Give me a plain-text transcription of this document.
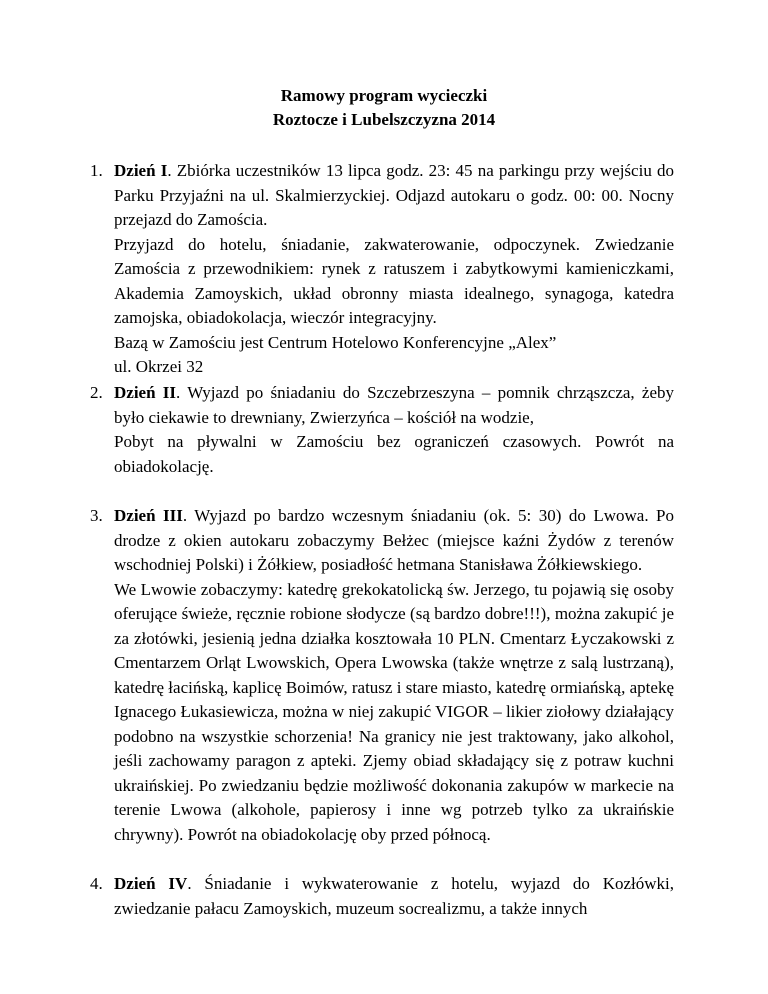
Ramowy program wycieczki
Roztocze i Lubelszczyzna 2014
1. Dzień I. Zbiórka uczestników 13 lipca godz. 23: 45 na parkingu przy wejściu do Parku Przyjaźni na ul. Skalmierzyckiej. Odjazd autokaru o godz. 00: 00. Nocny przejazd do Zamościa.

Przyjazd do hotelu, śniadanie, zakwaterowanie, odpoczynek. Zwiedzanie Zamościa z przewodnikiem: rynek z ratuszem i zabytkowymi kamieniczkami, Akademia Zamoyskich, układ obronny miasta idealnego, synagoga, katedra zamojska, obiadokolacja, wieczór integracyjny.

Bazą w Zamościu jest Centrum Hotelowo Konferencyjne „Alex”

ul. Okrzei 32

2. Dzień II. Wyjazd po śniadaniu do Szczebrzeszyna – pomnik chrząszcza, żeby było ciekawie to drewniany, Zwierzyńca – kościół na wodzie,

Pobyt na pływalni w Zamościu bez ograniczeń czasowych. Powrót na obiadokolację.

3. Dzień III. Wyjazd po bardzo wczesnym śniadaniu (ok. 5: 30) do Lwowa. Po drodze z okien autokaru zobaczymy Bełżec (miejsce kaźni Żydów z terenów wschodniej Polski) i Żółkiew, posiadłość hetmana Stanisława Żółkiewskiego.

We Lwowie zobaczymy: katedrę grekokatolicką św. Jerzego, tu pojawią się osoby oferujące świeże, ręcznie robione słodycze (są bardzo dobre!!!), można zakupić je za złotówki, jesienią jedna działka kosztowała 10 PLN. Cmentarz Łyczakowski z Cmentarzem Orląt Lwowskich, Opera Lwowska (także wnętrze z salą lustrzaną), katedrę łacińską, kaplicę Boimów, ratusz i stare miasto, katedrę ormiańską, aptekę Ignacego Łukasiewicza, można w niej zakupić VIGOR – likier ziołowy działający podobno na wszystkie schorzenia! Na granicy nie jest traktowany, jako alkohol, jeśli zachowamy paragon z apteki. Zjemy obiad składający się z potraw kuchni ukraińskiej. Po zwiedzaniu będzie możliwość dokonania zakupów w markecie na terenie Lwowa (alkohole, papierosy i inne wg potrzeb tylko za ukraińskie chrywny). Powrót na obiadokolację oby przed północą.

4. Dzień IV. Śniadanie i wykwaterowanie z hotelu, wyjazd do Kozłówki, zwiedzanie pałacu Zamoyskich, muzeum socrealizmu, a także innych
